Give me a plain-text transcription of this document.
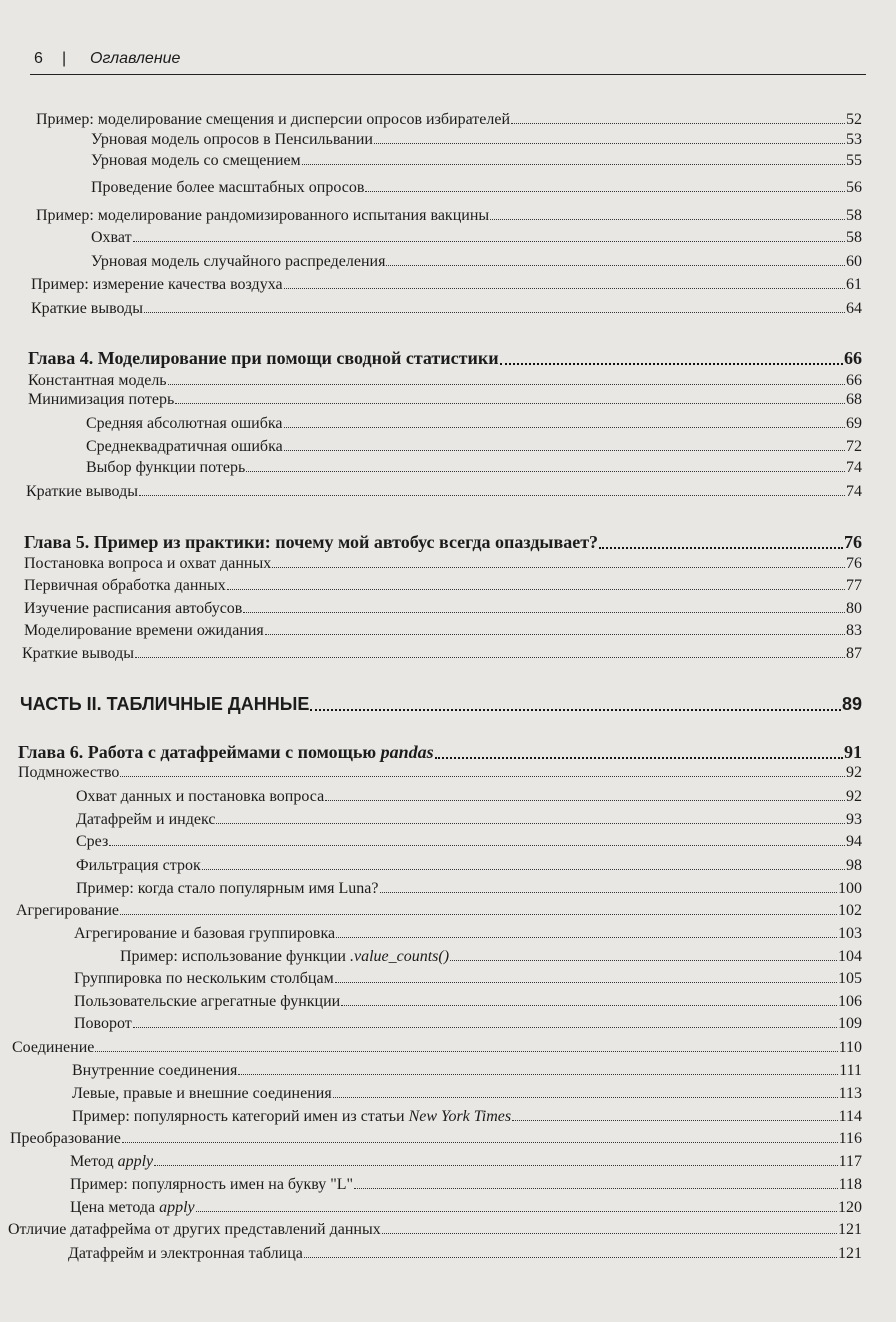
6 | Оглавление
Пример: моделирование смещения и дисперсии опросов избирателей	52
Урновая модель опросов в Пенсильвании	53
Урновая модель со смещением	55
Проведение более масштабных опросов	56
Пример: моделирование рандомизированного испытания вакцины	58
Охват	58
Урновая модель случайного распределения	60
Пример: измерение качества воздуха	61
Краткие выводы	64
Глава 4. Моделирование при помощи сводной статистики	66
Константная модель	66
Минимизация потерь	68
Средняя абсолютная ошибка	69
Среднеквадратичная ошибка	72
Выбор функции потерь	74
Краткие выводы	74
Глава 5. Пример из практики: почему мой автобус всегда опаздывает?	76
Постановка вопроса и охват данных	76
Первичная обработка данных	77
Изучение расписания автобусов	80
Моделирование времени ожидания	83
Краткие выводы	87
ЧАСТЬ II. ТАБЛИЧНЫЕ ДАННЫЕ	89
Глава 6. Работа с датафреймами с помощью pandas	91
Подмножество	92
Охват данных и постановка вопроса	92
Датафрейм и индекс	93
Срез	94
Фильтрация строк	98
Пример: когда стало популярным имя Luna?	100
Агрегирование	102
Агрегирование и базовая группировка	103
Пример: использование функции .value_counts()	104
Группировка по нескольким столбцам	105
Пользовательские агрегатные функции	106
Поворот	109
Соединение	110
Внутренние соединения	111
Левые, правые и внешние соединения	113
Пример: популярность категорий имен из статьи New York Times	114
Преобразование	116
Метод apply	117
Пример: популярность имен на букву "L"	118
Цена метода apply	120
Отличие датафрейма от других представлений данных	121
Датафрейм и электронная таблица	121
